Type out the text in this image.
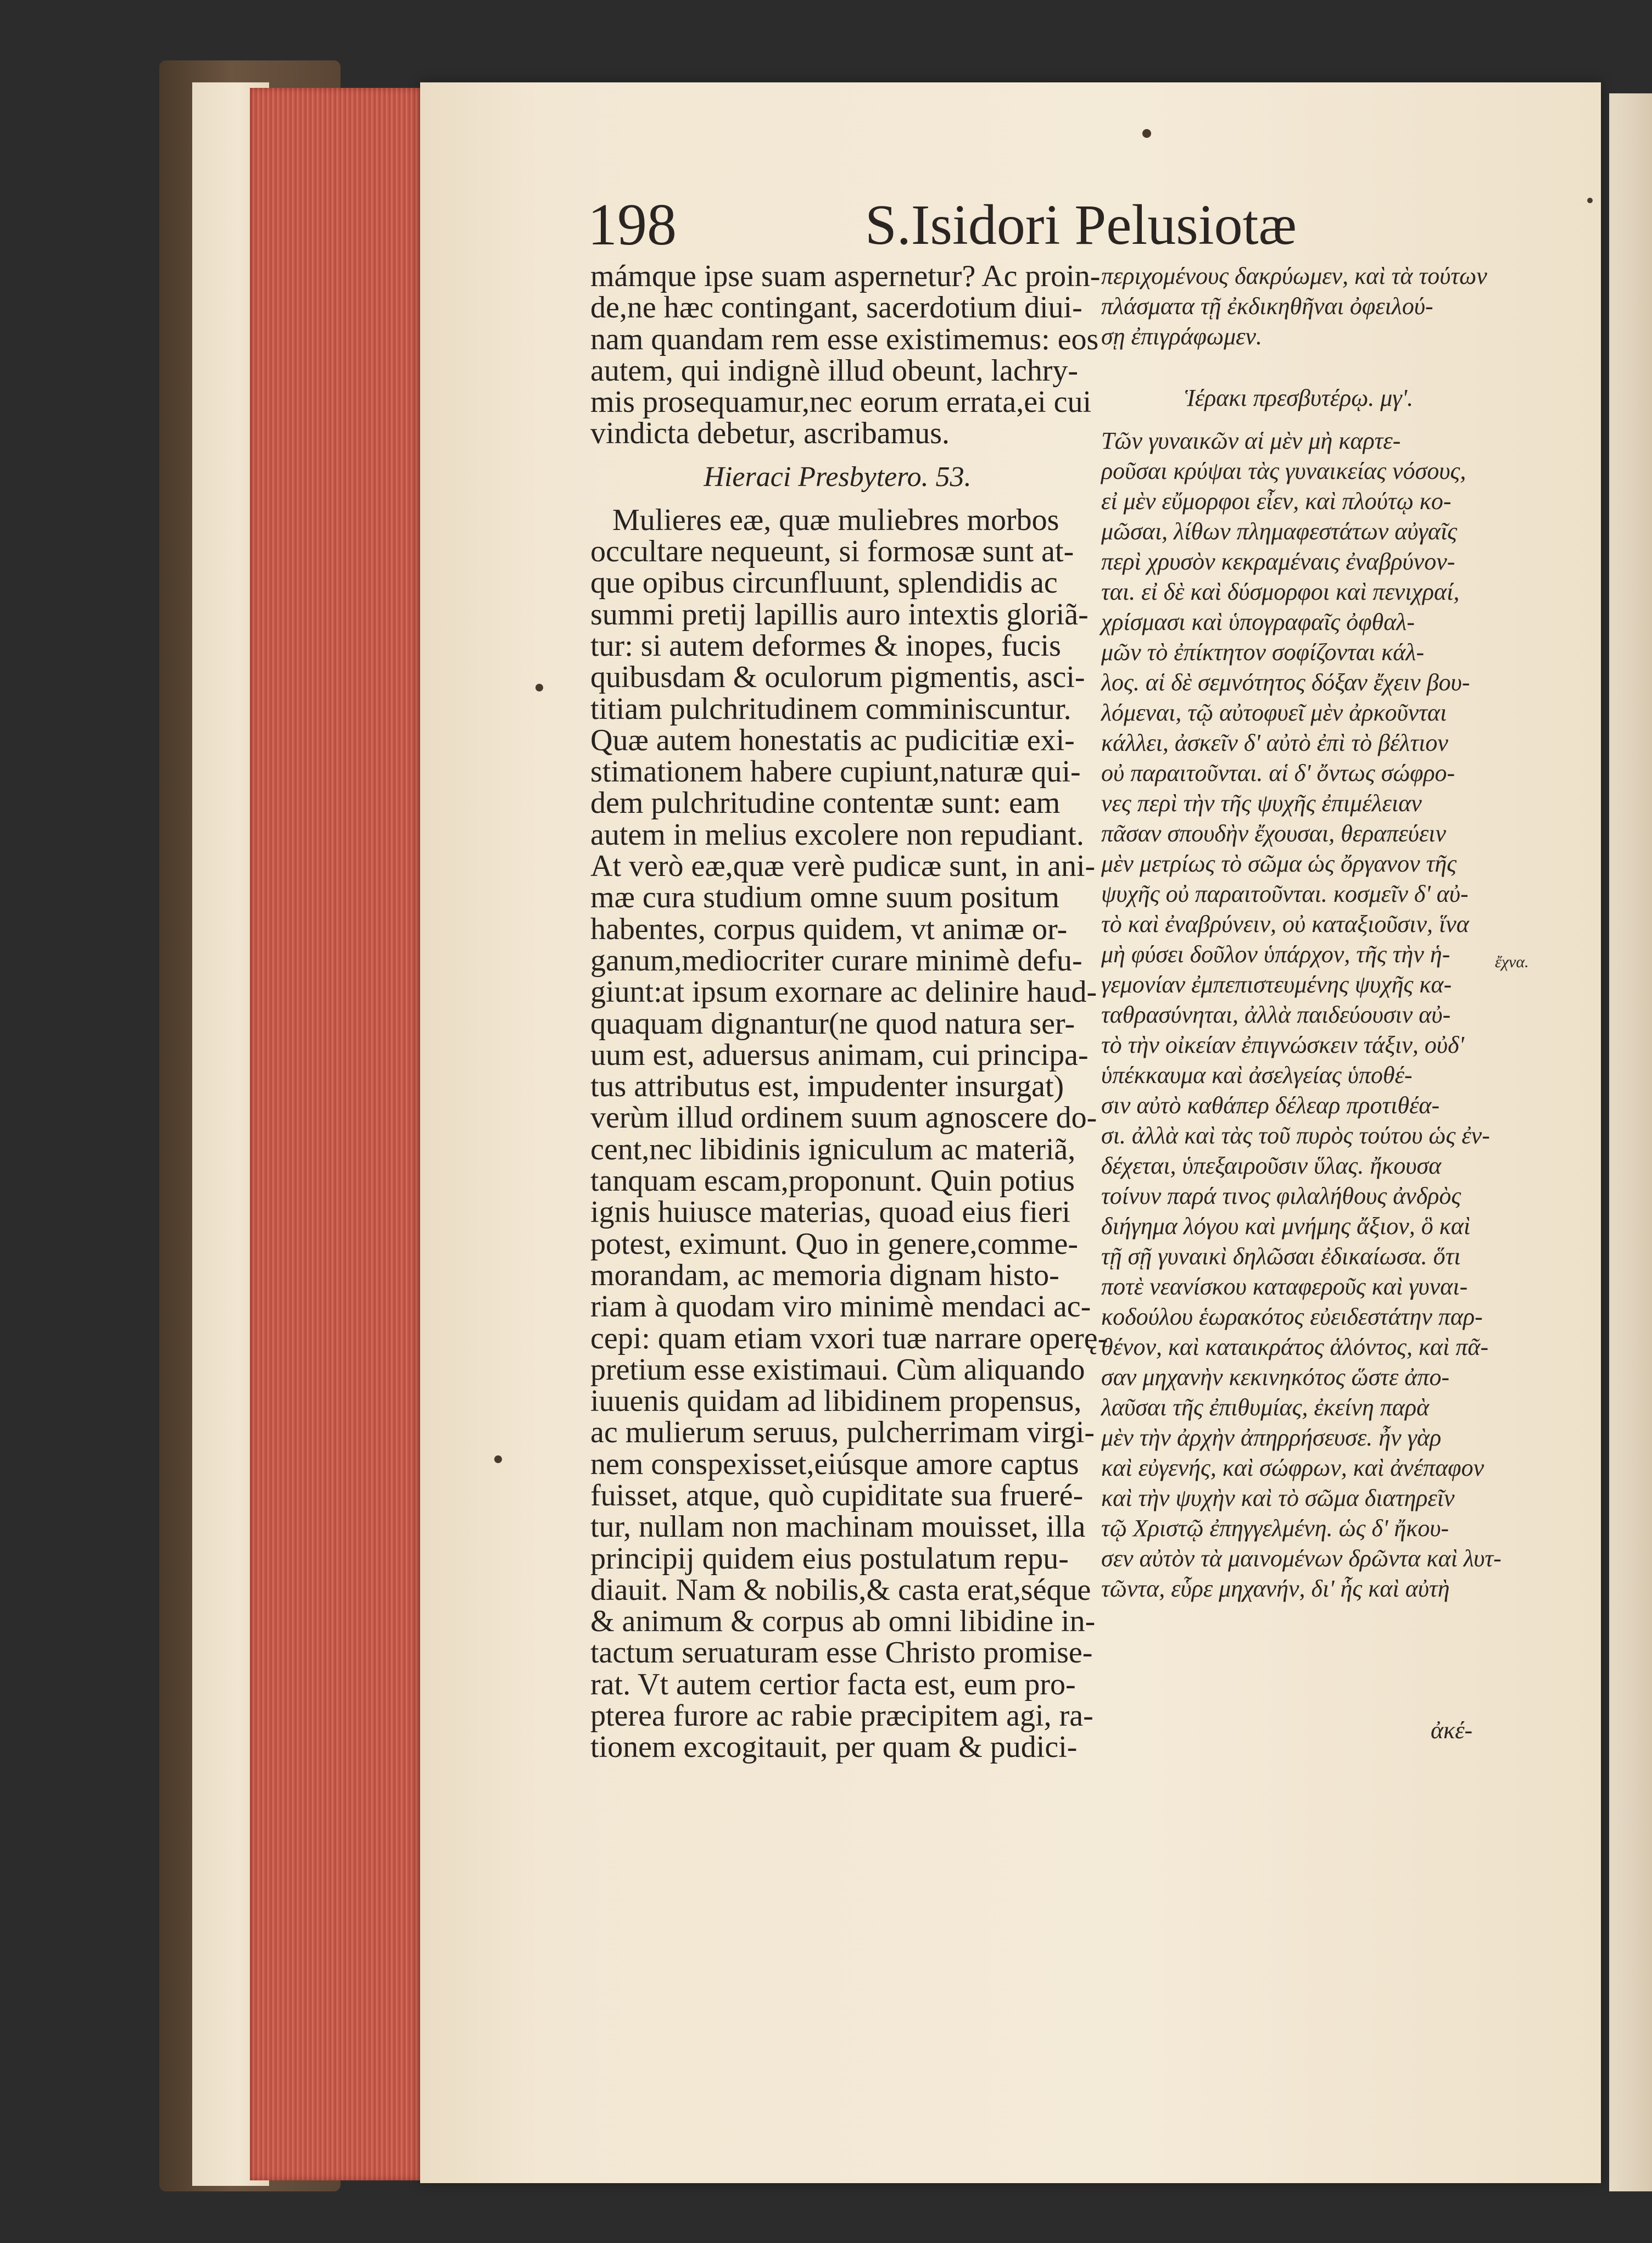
198	S.Isidori Pelusiotæ
mámque ipse suam aspernetur? Ac proin-
de,ne hæc contingant, sacerdotium diui-
nam quandam rem esse existimemus: eos
autem, qui indignè illud obeunt, lachry-
mis prosequamur,nec eorum errata,ei cui
vindicta debetur, ascribamus.
Hieraci Presbytero. 53.
Mulieres eæ, quæ muliebres morbos
occultare nequeunt, si formosæ sunt at-
que opibus circunfluunt, splendidis ac
summi pretij lapillis auro intextis gloriã-
tur: si autem deformes & inopes, fucis
quibusdam & oculorum pigmentis, asci-
titiam pulchritudinem comminiscuntur.
Quæ autem honestatis ac pudicitiæ exi-
stimationem habere cupiunt,naturæ qui-
dem pulchritudine contentæ sunt: eam
autem in melius excolere non repudiant.
At verò eæ,quæ verè pudicæ sunt, in ani-
mæ cura studium omne suum positum
habentes, corpus quidem, vt animæ or-
ganum,mediocriter curare minimè defu-
giunt:at ipsum exornare ac delinire haud-
quaquam dignantur(ne quod natura ser-
uum est, aduersus animam, cui principa-
tus attributus est, impudenter insurgat)
verùm illud ordinem suum agnoscere do-
cent,nec libidinis igniculum ac materiã,
tanquam escam,proponunt. Quin potius
ignis huiusce materias, quoad eius fieri
potest, eximunt. Quo in genere,comme-
morandam, ac memoria dignam histo-
riam à quodam viro minimè mendaci ac-
cepi: quam etiam vxori tuæ narrare operę-
pretium esse existimaui. Cùm aliquando
iuuenis quidam ad libidinem propensus,
ac mulierum seruus, pulcherrimam virgi-
nem conspexisset,eiúsque amore captus
fuisset, atque, quò cupiditate sua frueré-
tur, nullam non machinam mouisset, illa
principij quidem eius postulatum repu-
diauit. Nam & nobilis,& casta erat,séque
& animum & corpus ab omni libidine in-
tactum seruaturam esse Christo promise-
rat. Vt autem certior facta est, eum pro-
pterea furore ac rabie præcipitem agi, ra-
tionem excogitauit, per quam & pudici-
περιχομένους δακρύωμεν, καὶ τὰ τούτων
πλάσματα τῇ ἐκδικηθῆναι ὀφειλού-
σῃ ἐπιγράφωμεν.
Ἱέρακι πρεσβυτέρῳ. μγ'.
Τῶν γυναικῶν αἱ μὲν μὴ καρτε-
ροῦσαι κρύψαι τὰς γυναικείας νόσους,
εἰ μὲν εὔμορφοι εἶεν, καὶ πλούτῳ κο-
μῶσαι, λίθων πλημαφεστάτων αὐγαῖς
περὶ χρυσὸν κεκραμέναις ἐναβρύνον-
ται. εἰ δὲ καὶ δύσμορφοι καὶ πενιχραί,
χρίσμασι καὶ ὑπογραφαῖς ὀφθαλ-
μῶν τὸ ἐπίκτητον σοφίζονται κάλ-
λος. αἱ δὲ σεμνότητος δόξαν ἔχειν βου-
λόμεναι, τῷ αὐτοφυεῖ μὲν ἀρκοῦνται
κάλλει, ἀσκεῖν δ' αὐτὸ ἐπὶ τὸ βέλτιον
οὐ παραιτοῦνται. αἱ δ' ὄντως σώφρο-
νες περὶ τὴν τῆς ψυχῆς ἐπιμέλειαν
πᾶσαν σπουδὴν ἔχουσαι, θεραπεύειν
μὲν μετρίως τὸ σῶμα ὡς ὄργανον τῆς
ψυχῆς οὐ παραιτοῦνται. κοσμεῖν δ' αὐ-
τὸ καὶ ἐναβρύνειν, οὐ καταξιοῦσιν, ἵνα
μὴ φύσει δοῦλον ὑπάρχον, τῆς τὴν ἡ-
γεμονίαν ἐμπεπιστευμένης ψυχῆς κα-
ταθρασύνηται, ἀλλὰ παιδεύουσιν αὐ-
τὸ τὴν οἰκείαν ἐπιγνώσκειν τάξιν, οὐδ'
ὑπέκκαυμα καὶ ἀσελγείας ὑποθέ-
σιν αὐτὸ καθάπερ δέλεαρ προτιθέα-
σι. ἀλλὰ καὶ τὰς τοῦ πυρὸς τούτου ὡς ἐν-
δέχεται, ὑπεξαιροῦσιν ὕλας. ἤκουσα
τοίνυν παρά τινος φιλαλήθους ἀνδρὸς
διήγημα λόγου καὶ μνήμης ἄξιον, ὃ καὶ
τῇ σῇ γυναικὶ δηλῶσαι ἐδικαίωσα. ὅτι
ποτὲ νεανίσκου καταφεροῦς καὶ γυναι-
κοδούλου ἑωρακότος εὐειδεστάτην παρ-
θένον, καὶ καταικράτος ἁλόντος, καὶ πᾶ-
σαν μηχανὴν κεκινηκότος ὥστε ἀπο-
λαῦσαι τῆς ἐπιθυμίας, ἐκείνη παρὰ
μὲν τὴν ἀρχὴν ἀπηρρήσευσε. ἦν γὰρ
καὶ εὐγενής, καὶ σώφρων, καὶ ἀνέπαφον
καὶ τὴν ψυχὴν καὶ τὸ σῶμα διατηρεῖν
τῷ Χριστῷ ἐπηγγελμένη. ὡς δ' ἤκου-
σεν αὐτὸν τὰ μαινομένων δρῶντα καὶ λυτ-
τῶντα, εὗρε μηχανήν, δι' ἧς καὶ αὐτὴ
ἔχνα.
ἀκέ-
